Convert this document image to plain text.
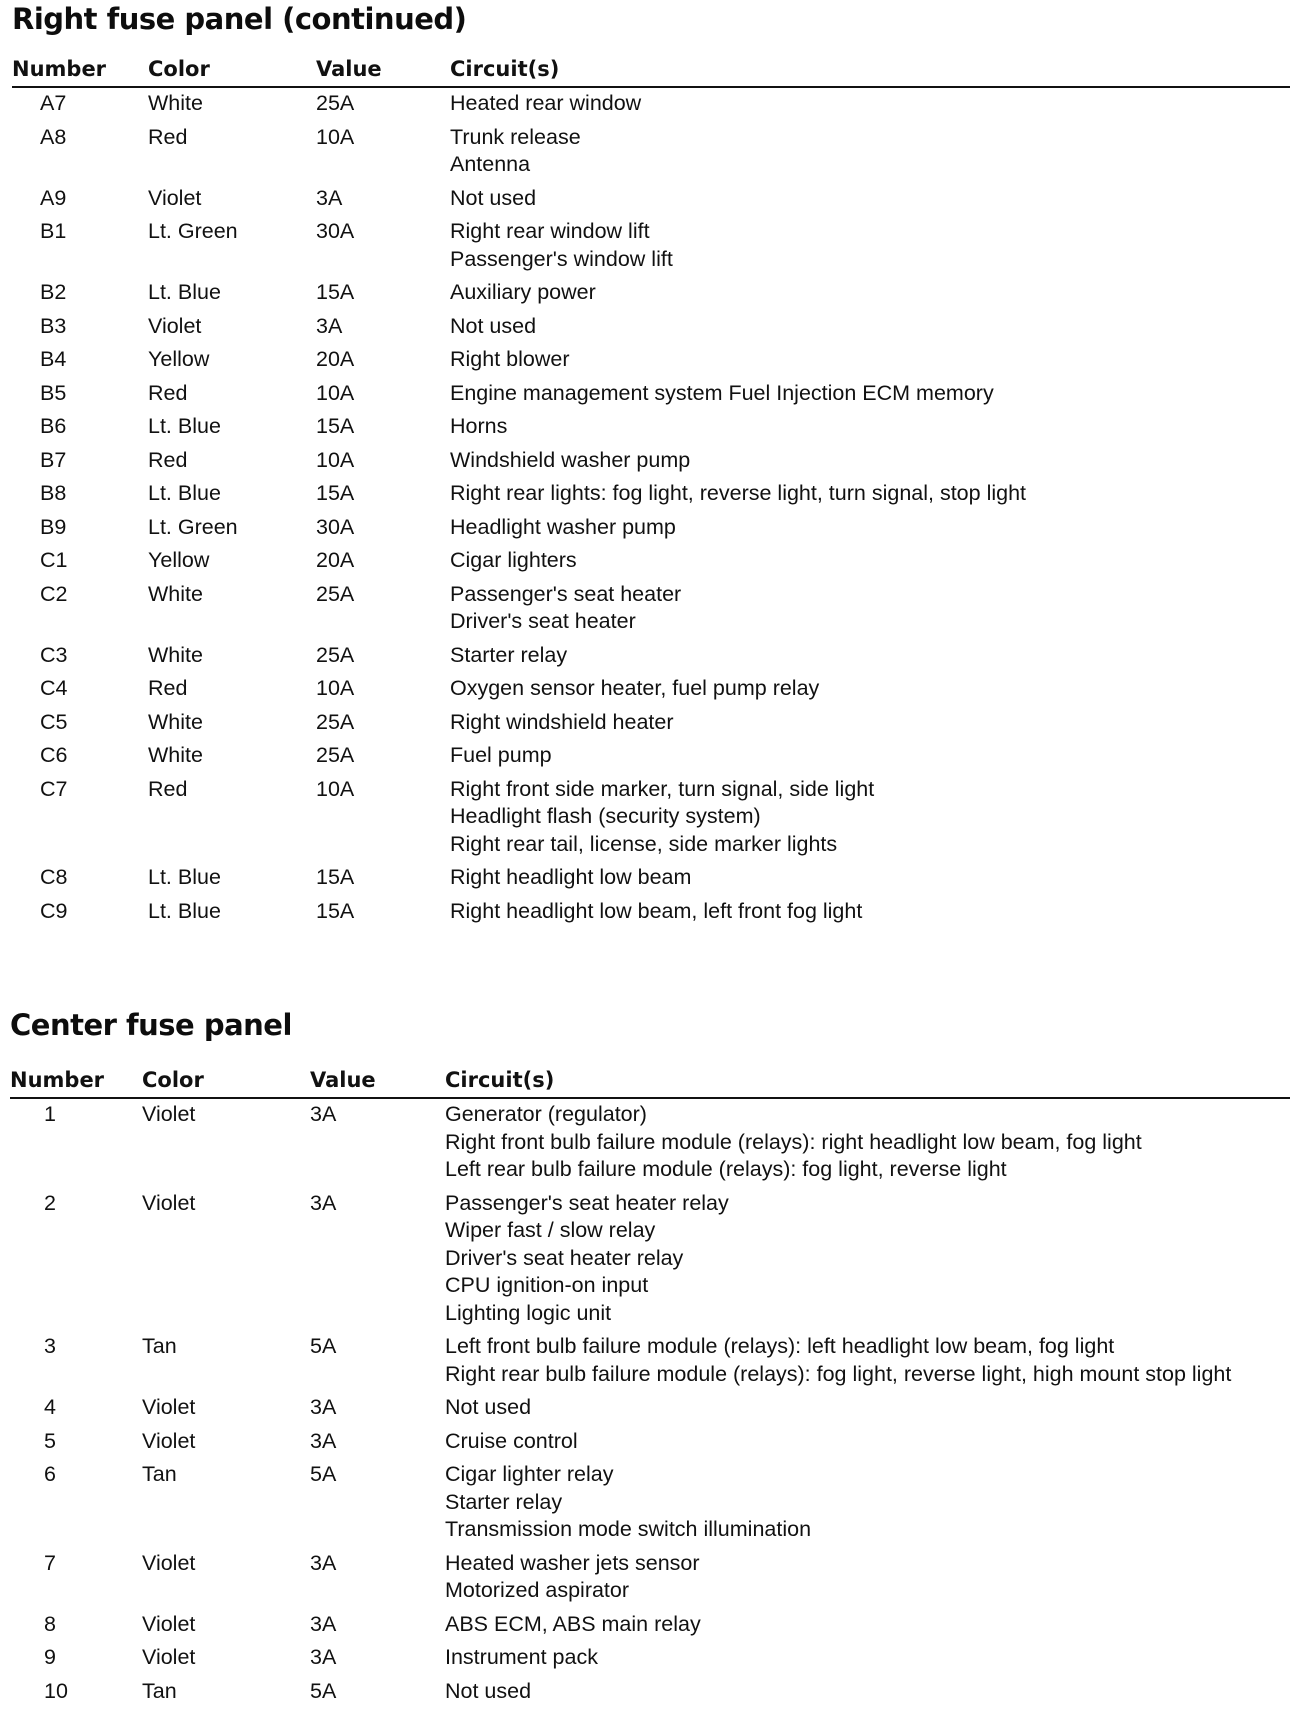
Right fuse panel (continued)
Number	Color	Value	Circuit(s)
A7	White	25A	Heated rear window
A8	Red	10A	Trunk release
Antenna
A9	Violet	3A	Not used
B1	Lt. Green	30A	Right rear window lift
Passenger's window lift
B2	Lt. Blue	15A	Auxiliary power
B3	Violet	3A	Not used
B4	Yellow	20A	Right blower
B5	Red	10A	Engine management system Fuel Injection ECM memory
B6	Lt. Blue	15A	Horns
B7	Red	10A	Windshield washer pump
B8	Lt. Blue	15A	Right rear lights: fog light, reverse light, turn signal, stop light
B9	Lt. Green	30A	Headlight washer pump
C1	Yellow	20A	Cigar lighters
C2	White	25A	Passenger's seat heater
Driver's seat heater
C3	White	25A	Starter relay
C4	Red	10A	Oxygen sensor heater, fuel pump relay
C5	White	25A	Right windshield heater
C6	White	25A	Fuel pump
C7	Red	10A	Right front side marker, turn signal, side light
Headlight flash (security system)
Right rear tail, license, side marker lights
C8	Lt. Blue	15A	Right headlight low beam
C9	Lt. Blue	15A	Right headlight low beam, left front fog light
Center fuse panel
Number	Color	Value	Circuit(s)
1	Violet	3A	Generator (regulator)
Right front bulb failure module (relays): right headlight low beam, fog light
Left rear bulb failure module (relays): fog light, reverse light
2	Violet	3A	Passenger's seat heater relay
Wiper fast / slow relay
Driver's seat heater relay
CPU ignition-on input
Lighting logic unit
3	Tan	5A	Left front bulb failure module (relays): left headlight low beam, fog light
Right rear bulb failure module (relays): fog light, reverse light, high mount stop light
4	Violet	3A	Not used
5	Violet	3A	Cruise control
6	Tan	5A	Cigar lighter relay
Starter relay
Transmission mode switch illumination
7	Violet	3A	Heated washer jets sensor
Motorized aspirator
8	Violet	3A	ABS ECM, ABS main relay
9	Violet	3A	Instrument pack
10	Tan	5A	Not used
